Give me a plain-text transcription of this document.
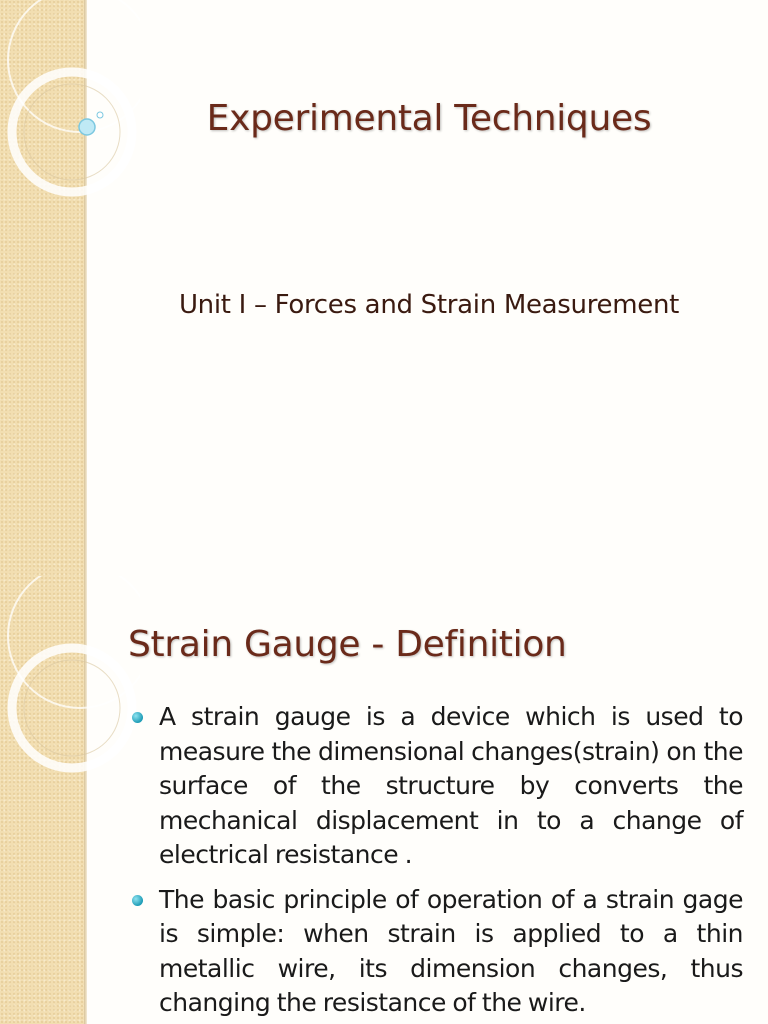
Experimental Techniques
Unit I – Forces and Strain Measurement
Strain Gauge - Definition
A strain gauge is a device which is used to measure the dimensional changes(strain) on the surface of the structure by converts the mechanical displacement in to a change of electrical resistance .
The basic principle of operation of a strain gage is simple: when strain is applied to a thin metallic wire, its dimension changes, thus changing the resistance of the wire.
